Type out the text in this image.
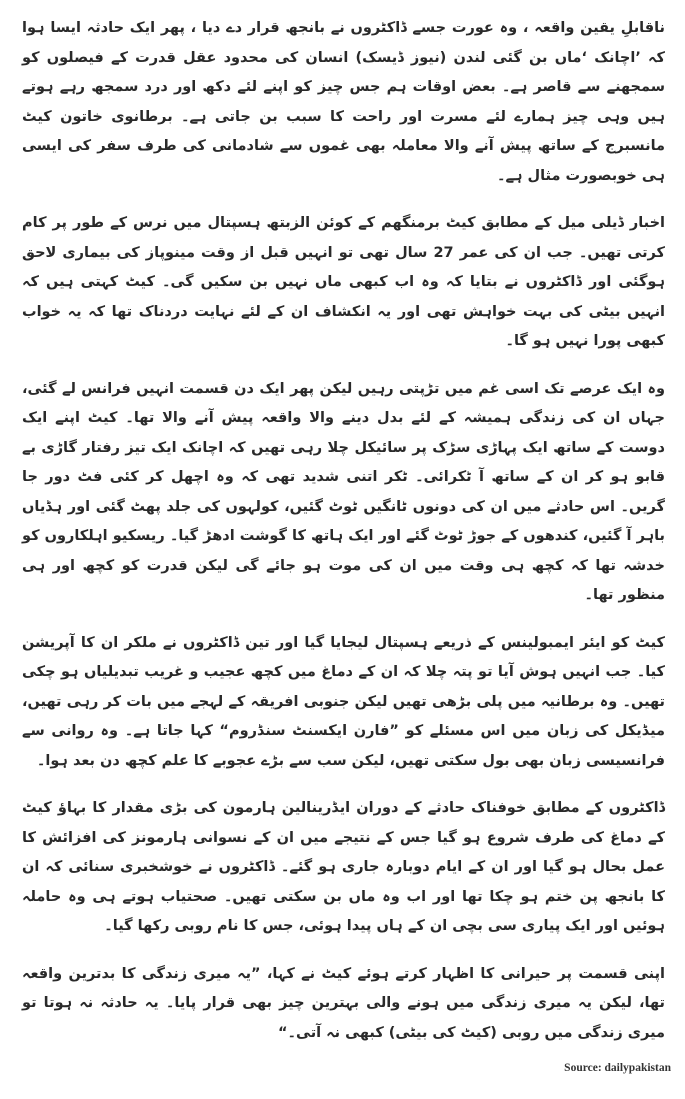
ناقابلِ یقین واقعہ ، وہ عورت جسے ڈاکٹروں نے بانجھ قرار دے دیا ، پھر ایک حادثہ ایسا ہوا کہ ’اچانک ‘ماں بن گئی لندن (نیوز ڈیسک) انسان کی محدود عقل قدرت کے فیصلوں کو سمجھنے سے قاصر ہے۔ بعض اوقات ہم جس چیز کو اپنے لئے دکھ اور درد سمجھ رہے ہوتے ہیں وہی چیز ہمارے لئے مسرت اور راحت کا سبب بن جاتی ہے۔ برطانوی خاتون کیٹ مانسبرج کے ساتھ پیش آنے والا معاملہ بھی غموں سے شادمانی کی طرف سفر کی ایسی ہی خوبصورت مثال ہے۔

اخبار ڈیلی میل کے مطابق کیٹ برمنگھم کے کوئن الزبتھ ہسپتال میں نرس کے طور پر کام کرتی تھیں۔ جب ان کی عمر 27 سال تھی تو انہیں قبل از وقت مینوپاز کی بیماری لاحق ہوگئی اور ڈاکٹروں نے بتایا کہ وہ اب کبھی ماں نہیں بن سکیں گی۔ کیٹ کہتی ہیں کہ انہیں بیٹی کی بہت خواہش تھی اور یہ انکشاف ان کے لئے نہایت دردناک تھا کہ یہ خواب کبھی پورا نہیں ہو گا۔

وہ ایک عرصے تک اسی غم میں تڑپتی رہیں لیکن پھر ایک دن قسمت انہیں فرانس لے گئی، جہاں ان کی زندگی ہمیشہ کے لئے بدل دینے والا واقعہ پیش آنے والا تھا۔ کیٹ اپنے ایک دوست کے ساتھ ایک پہاڑی سڑک پر سائیکل چلا رہی تھیں کہ اچانک ایک تیز رفتار گاڑی بے قابو ہو کر ان کے ساتھ آ ٹکرائی۔ ٹکر اتنی شدید تھی کہ وہ اچھل کر کئی فٹ دور جا گریں۔ اس حادثے میں ان کی دونوں ٹانگیں ٹوٹ گئیں، کولہوں کی جلد پھٹ گئی اور ہڈیاں باہر آ گئیں، کندھوں کے جوڑ ٹوٹ گئے اور ایک ہاتھ کا گوشت ادھڑ گیا۔ ریسکیو اہلکاروں کو خدشہ تھا کہ کچھ ہی وقت میں ان کی موت ہو جائے گی لیکن قدرت کو کچھ اور ہی منظور تھا۔

کیٹ کو ایئر ایمبولینس کے ذریعے ہسپتال لیجایا گیا اور تین ڈاکٹروں نے ملکر ان کا آپریشن کیا۔ جب انہیں ہوش آیا تو پتہ چلا کہ ان کے دماغ میں کچھ عجیب و غریب تبدیلیاں ہو چکی تھیں۔ وہ برطانیہ میں پلی بڑھی تھیں لیکن جنوبی افریقہ کے لہجے میں بات کر رہی تھیں، میڈیکل کی زبان میں اس مسئلے کو ”فارن ایکسنٹ سنڈروم“ کہا جاتا ہے۔ وہ روانی سے فرانسیسی زبان بھی بول سکتی تھیں، لیکن سب سے بڑے عجوبے کا علم کچھ دن بعد ہوا۔

ڈاکٹروں کے مطابق خوفناک حادثے کے دوران ایڈرینالین ہارمون کی بڑی مقدار کا بہاؤ کیٹ کے دماغ کی طرف شروع ہو گیا جس کے نتیجے میں ان کے نسوانی ہارمونز کی افزائش کا عمل بحال ہو گیا اور ان کے ایام دوبارہ جاری ہو گئے۔ ڈاکٹروں نے خوشخبری سنائی کہ ان کا بانجھ پن ختم ہو چکا تھا اور اب وہ ماں بن سکتی تھیں۔ صحتیاب ہوتے ہی وہ حاملہ ہوئیں اور ایک پیاری سی بچی ان کے ہاں پیدا ہوئی، جس کا نام روبی رکھا گیا۔

اپنی قسمت پر حیرانی کا اظہار کرتے ہوئے کیٹ نے کہا، ”یہ میری زندگی کا بدترین واقعہ تھا، لیکن یہ میری زندگی میں ہونے والی بہترین چیز بھی قرار پایا۔ یہ حادثہ نہ ہوتا تو میری زندگی میں روبی (کیٹ کی بیٹی) کبھی نہ آتی۔“

Source: dailypakistan
